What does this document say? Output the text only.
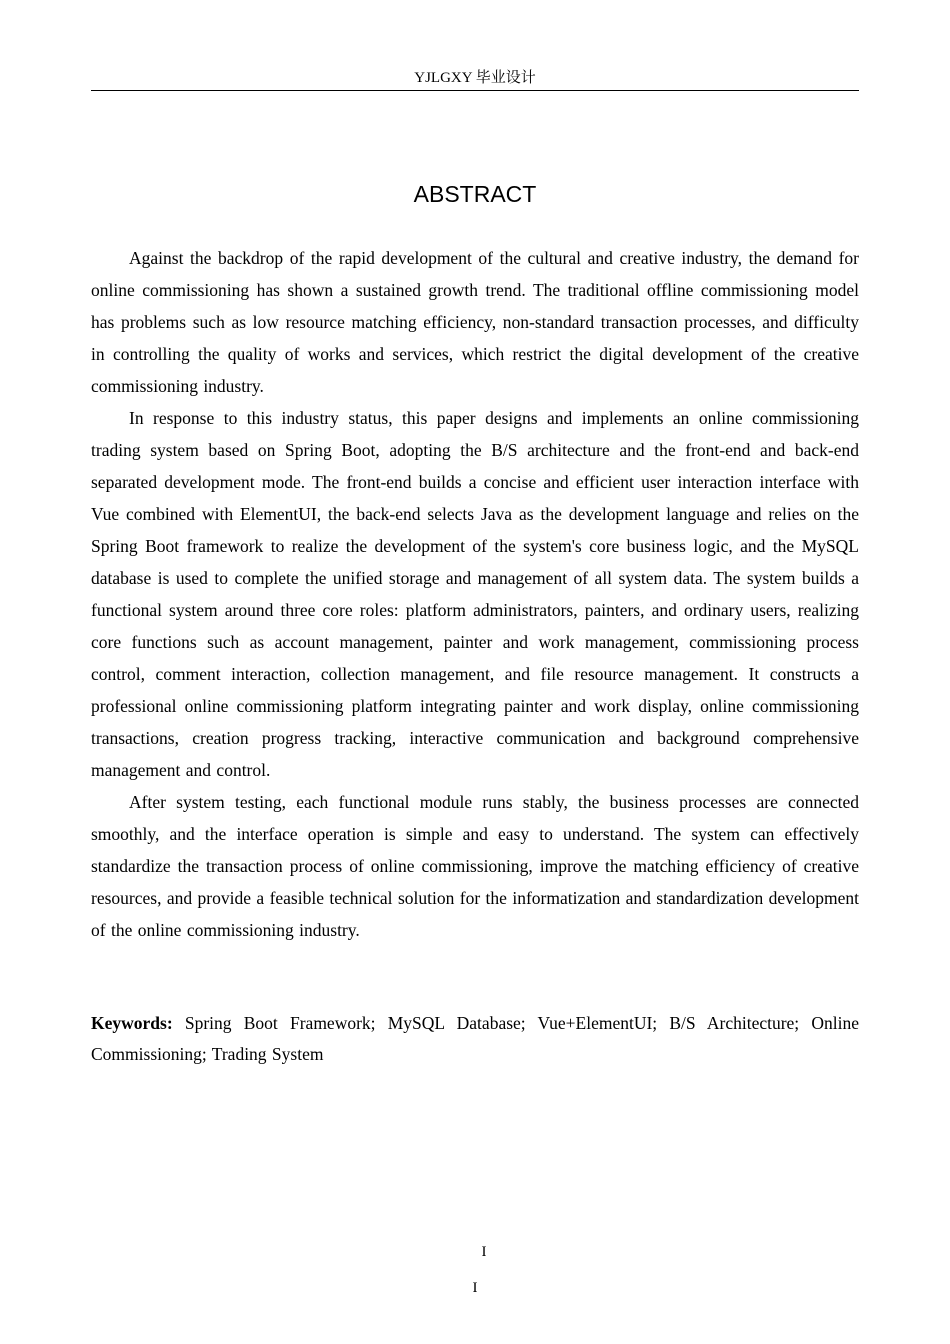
YJLGXY 毕业设计
ABSTRACT

Against the backdrop of the rapid development of the cultural and creative industry, the demand for online commissioning has shown a sustained growth trend. The traditional offline commissioning model has problems such as low resource matching efficiency, non-standard transaction processes, and difficulty in controlling the quality of works and services, which restrict the digital development of the creative commissioning industry.

In response to this industry status, this paper designs and implements an online commissioning trading system based on Spring Boot, adopting the B/S architecture and the front-end and back-end separated development mode. The front-end builds a concise and efficient user interaction interface with Vue combined with ElementUI, the back-end selects Java as the development language and relies on the Spring Boot framework to realize the development of the system's core business logic, and the MySQL database is used to complete the unified storage and management of all system data. The system builds a functional system around three core roles: platform administrators, painters, and ordinary users, realizing core functions such as account management, painter and work management, commissioning process control, comment interaction, collection management, and file resource management. It constructs a professional online commissioning platform integrating painter and work display, online commissioning transactions, creation progress tracking, interactive communication and background comprehensive management and control.

After system testing, each functional module runs stably, the business processes are connected smoothly, and the interface operation is simple and easy to understand. The system can effectively standardize the transaction process of online commissioning, improve the matching efficiency of creative resources, and provide a feasible technical solution for the informatization and standardization development of the online commissioning industry.

Keywords: Spring Boot Framework; MySQL Database; Vue+ElementUI; B/S Architecture; Online Commissioning; Trading System
I
I
